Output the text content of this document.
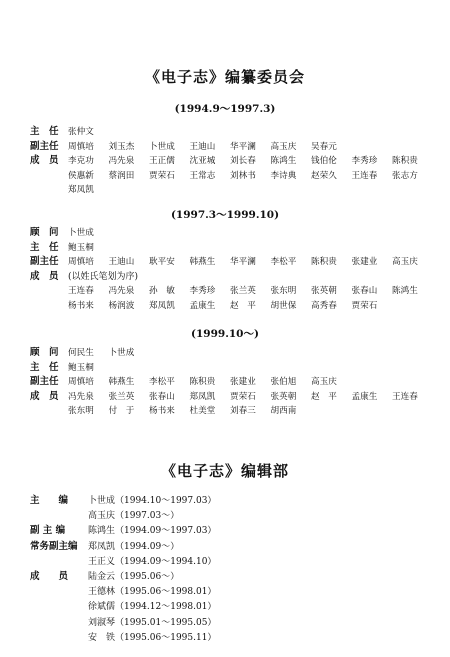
《电子志》编纂委员会
(1994.9～1997.3)
主　任 张仲文
副主任 周慎培 刘玉杰 卜世成 王迪山 华平澜 高玉庆 吴春元
成　员 李克功 冯先泉 王正儒 沈亚城 刘长春 陈鸿生 钱伯伦 李秀珍 陈积贵
侯惠新 蔡润田 贾荣石 王常志 刘林书 李诗典 赵荣久 王连春 张志方
郑凤凯
(1997.3～1999.10)
顾　问 卜世成
主　任 鲍玉桐
副主任 周慎培 王迪山 耿平安 韩燕生 华平澜 李松平 陈积贵 张建业 高玉庆
成　员 (以姓氏笔划为序)
王连春 冯先泉 孙　敏 李秀珍 张兰英 张东明 张英朝 张春山 陈鸿生
杨书来 杨润波 郑凤凯 孟康生 赵　平 胡世保 高秀春 贾荣石
(1999.10～)
顾　问 何民生 卜世成
主　任 鲍玉桐
副主任 周慎培 韩燕生 李松平 陈积贵 张建业 张伯旭 高玉庆
成　员 冯先泉 张兰英 张春山 郑凤凯 贾荣石 张英朝 赵　平 孟康生 王连春
张东明 付　于 杨书来 杜美堂 刘春三 胡西南
《电子志》编辑部
主　　编 卜世成（1994.10～1997.03）
高玉庆（1997.03～）
副 主 编	陈鸿生（1994.09～1997.03）
常务副主编 郑凤凯（1994.09～）
王正义（1994.09～1994.10）
成　　员 陆金云（1995.06～）
王德林（1995.06～1998.01）
徐斌儒（1994.12～1998.01）
刘淑琴（1995.01～1995.05）
安　铁（1995.06～1995.11）
